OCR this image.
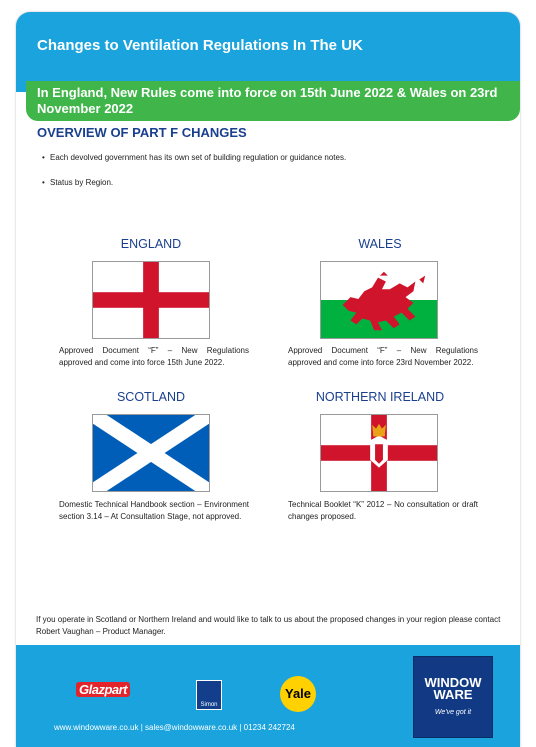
Changes to Ventilation Regulations In The UK
In England, New Rules come into force on 15th June 2022 & Wales on 23rd November 2022
OVERVIEW OF PART F CHANGES
• Each devolved government has its own set of building regulation or guidance notes.
• Status by Region.
ENGLAND
Approved Document “F” – New Regulations approved and come into force 15th June 2022.
WALES
Approved Document “F” – New Regulations approved and come into force 23rd November 2022.
SCOTLAND
Domestic Technical Handbook section – Environment section 3.14 – At Consultation Stage, not approved.
NORTHERN IRELAND
Technical Booklet “K” 2012 – No consultation or draft changes proposed.
If you operate in Scotland or Northern Ireland and would like to talk to us about the proposed changes in your region please contact Robert Vaughan – Product Manager.
Glazpart
Simon
Yale
WINDOW
WARE
We've got it
www.windowware.co.uk | sales@windowware.co.uk | 01234 242724
